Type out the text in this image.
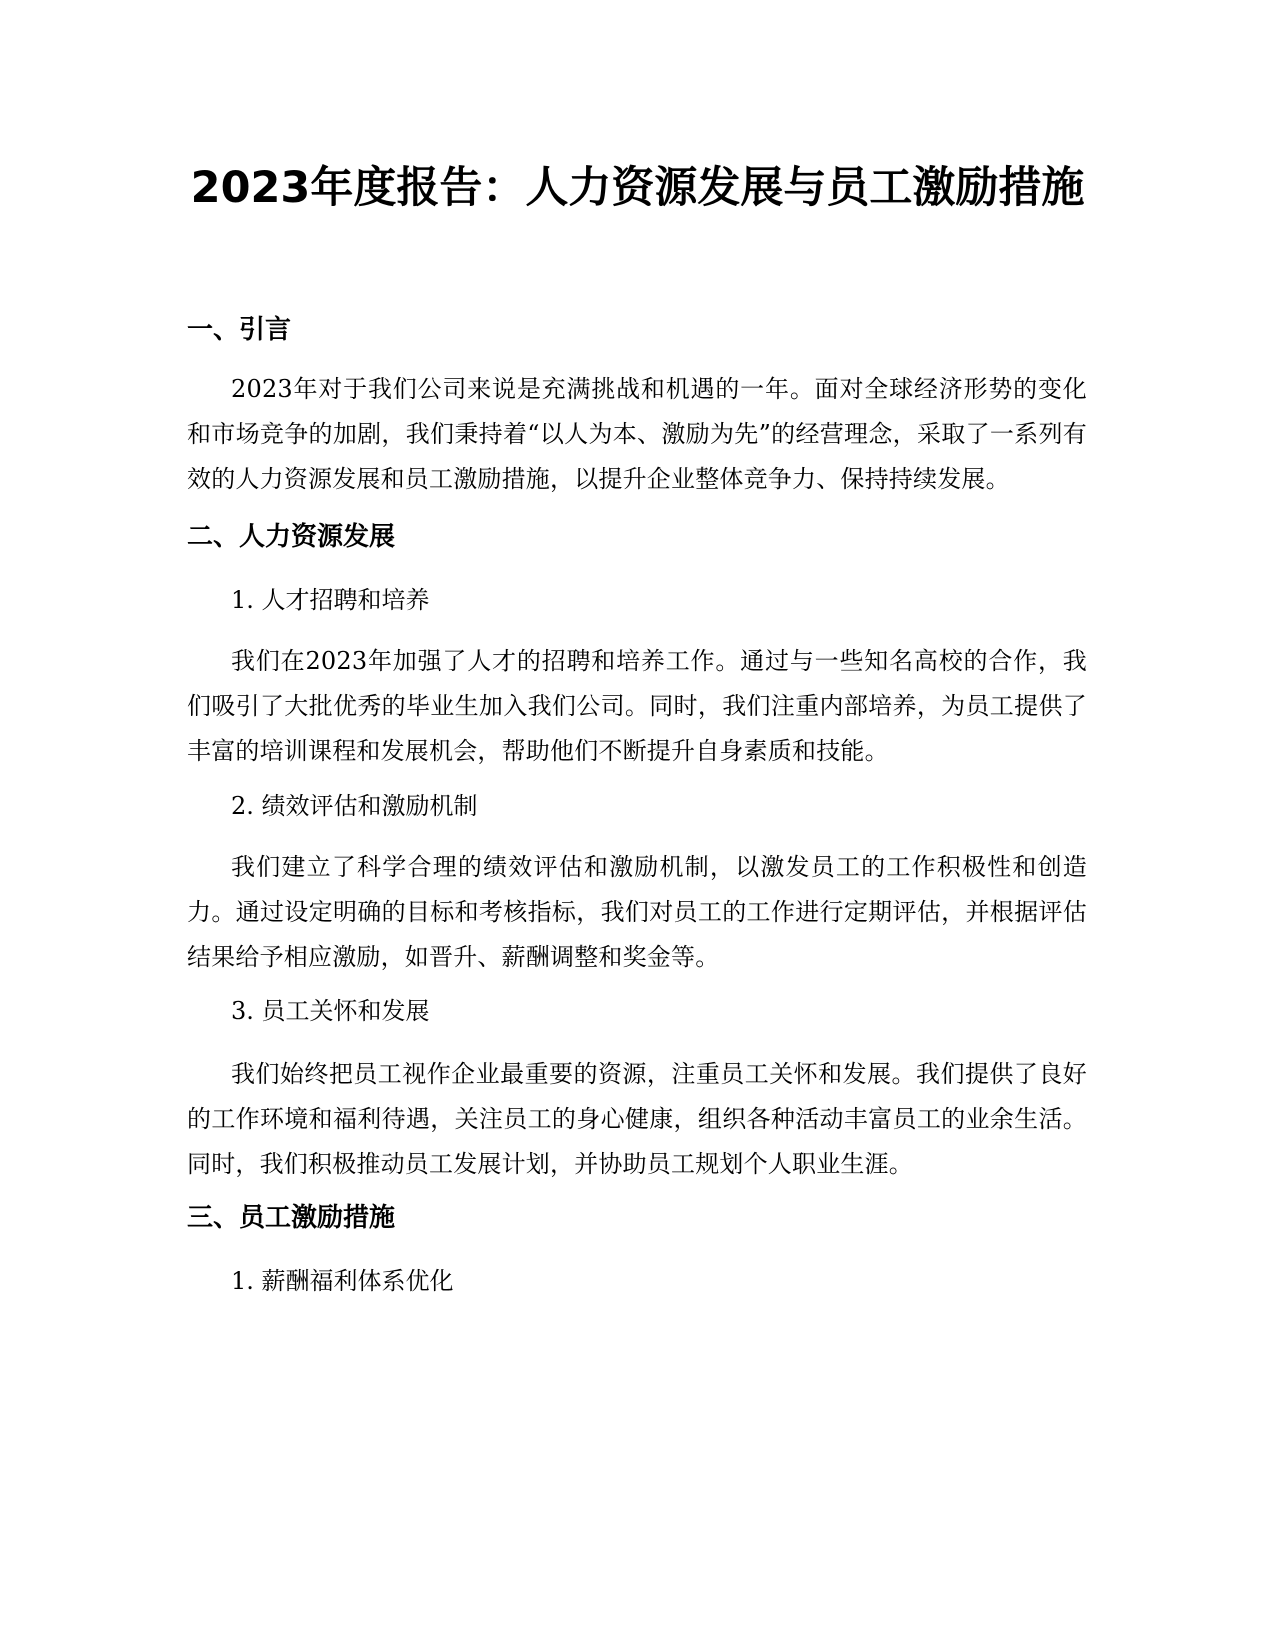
2023年度报告：人力资源发展与员工激励措施
一、引言

2023年对于我们公司来说是充满挑战和机遇的一年。面对全球经济形势的变化和市场竞争的加剧，我们秉持着“以人为本、激励为先”的经营理念，采取了一系列有效的人力资源发展和员工激励措施，以提升企业整体竞争力、保持持续发展。

二、人力资源发展

1. 人才招聘和培养

我们在2023年加强了人才的招聘和培养工作。通过与一些知名高校的合作，我们吸引了大批优秀的毕业生加入我们公司。同时，我们注重内部培养，为员工提供了丰富的培训课程和发展机会，帮助他们不断提升自身素质和技能。

2. 绩效评估和激励机制

我们建立了科学合理的绩效评估和激励机制，以激发员工的工作积极性和创造力。通过设定明确的目标和考核指标，我们对员工的工作进行定期评估，并根据评估结果给予相应激励，如晋升、薪酬调整和奖金等。

3. 员工关怀和发展

我们始终把员工视作企业最重要的资源，注重员工关怀和发展。我们提供了良好的工作环境和福利待遇，关注员工的身心健康，组织各种活动丰富员工的业余生活。同时，我们积极推动员工发展计划，并协助员工规划个人职业生涯。

三、员工激励措施

1. 薪酬福利体系优化
